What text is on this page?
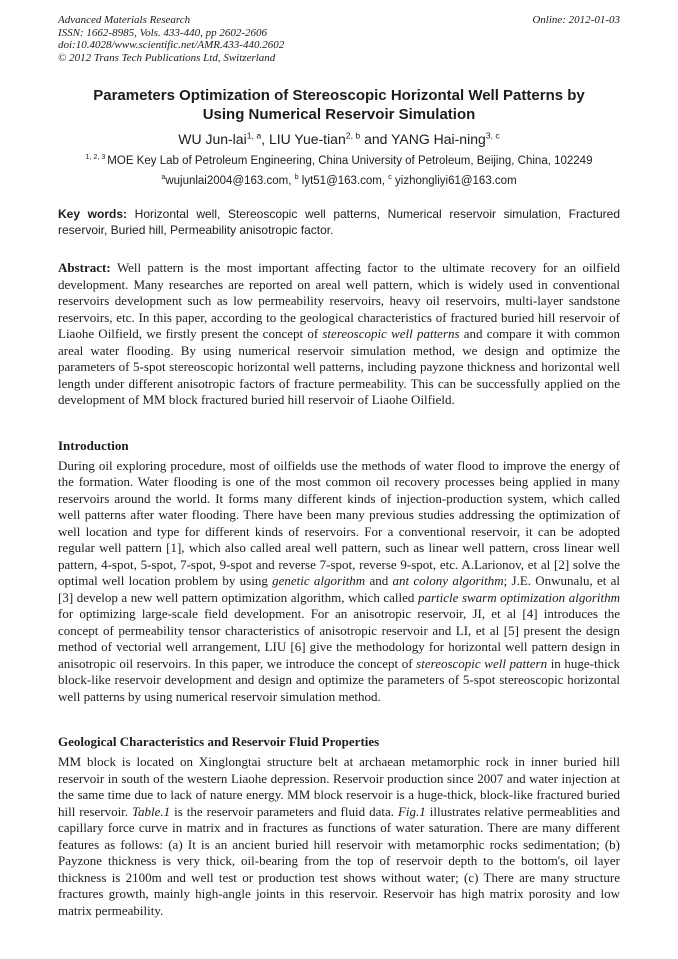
Advanced Materials Research
ISSN: 1662-8985, Vols. 433-440, pp 2602-2606
doi:10.4028/www.scientific.net/AMR.433-440.2602
© 2012 Trans Tech Publications Ltd, Switzerland
Online: 2012-01-03
Parameters Optimization of Stereoscopic Horizontal Well Patterns by
Using Numerical Reservoir Simulation
WU Jun-lai$^{1, a}$, LIU Yue-tian$^{2, b}$ and YANG Hai-ning$^{3, c}$
$^{1, 2, 3}$ MOE Key Lab of Petroleum Engineering, China University of Petroleum, Beijing, China, 102249
$^a$wujunlai2004@163.com, $^b$ lyt51@163.com, $^c$ yizhongliyi61@163.com

Key words: Horizontal well, Stereoscopic well patterns, Numerical reservoir simulation, Fractured reservoir, Buried hill, Permeability anisotropic factor.

Abstract: Well pattern is the most important affecting factor to the ultimate recovery for an oilfield development. Many researches are reported on areal well pattern, which is widely used in conventional reservoirs development such as low permeability reservoirs, heavy oil reservoirs, multi-layer sandstone reservoirs, etc. In this paper, according to the geological characteristics of fractured buried hill reservoir of Liaohe Oilfield, we firstly present the concept of stereoscopic well patterns and compare it with common areal water flooding. By using numerical reservoir simulation method, we design and optimize the parameters of 5-spot stereoscopic horizontal well patterns, including payzone thickness and horizontal well length under different anisotropic factors of fracture permeability. This can be successfully applied on the development of MM block fractured buried hill reservoir of Liaohe Oilfield.

Introduction

During oil exploring procedure, most of oilfields use the methods of water flood to improve the energy of the formation. Water flooding is one of the most common oil recovery processes being applied in many reservoirs around the world. It forms many different kinds of injection-production system, which called well patterns after water flooding. There have been many previous studies addressing the optimization of well location and type for different kinds of reservoirs. For a conventional reservoir, it can be adopted regular well pattern [1], which also called areal well pattern, such as linear well pattern, cross linear well pattern, 4-spot, 5-spot, 7-spot, 9-spot and reverse 7-spot, reverse 9-spot, etc. A.Larionov, et al [2] solve the optimal well location problem by using genetic algorithm and ant colony algorithm; J.E. Onwunalu, et al [3] develop a new well pattern optimization algorithm, which called particle swarm optimization algorithm for optimizing large-scale field development. For an anisotropic reservoir, JI, et al [4] introduces the concept of permeability tensor characteristics of anisotropic reservoir and LI, et al [5] present the design method of vectorial well arrangement, LIU [6] give the methodology for horizontal well pattern design in anisotropic oil reservoirs. In this paper, we introduce the concept of stereoscopic well pattern in huge-thick block-like reservoir development and design and optimize the parameters of 5-spot stereoscopic horizontal well patterns by using numerical reservoir simulation method.

Geological Characteristics and Reservoir Fluid Properties

MM block is located on Xinglongtai structure belt at archaean metamorphic rock in inner buried hill reservoir in south of the western Liaohe depression. Reservoir production since 2007 and water injection at the same time due to lack of nature energy. MM block reservoir is a huge-thick, block-like fractured buried hill reservoir. Table.1 is the reservoir parameters and fluid data. Fig.1 illustrates relative permeablities and capillary force curve in matrix and in fractures as functions of water saturation. There are many different features as follows: (a) It is an ancient buried hill reservoir with metamorphic rocks sedimentation; (b) Payzone thickness is very thick, oil-bearing from the top of reservoir depth to the bottom's, oil layer thickness is 2100m and well test or production test shows without water; (c) There are many structure fractures growth, mainly high-angle joints in this reservoir. Reservoir has high matrix porosity and low matrix permeability.
